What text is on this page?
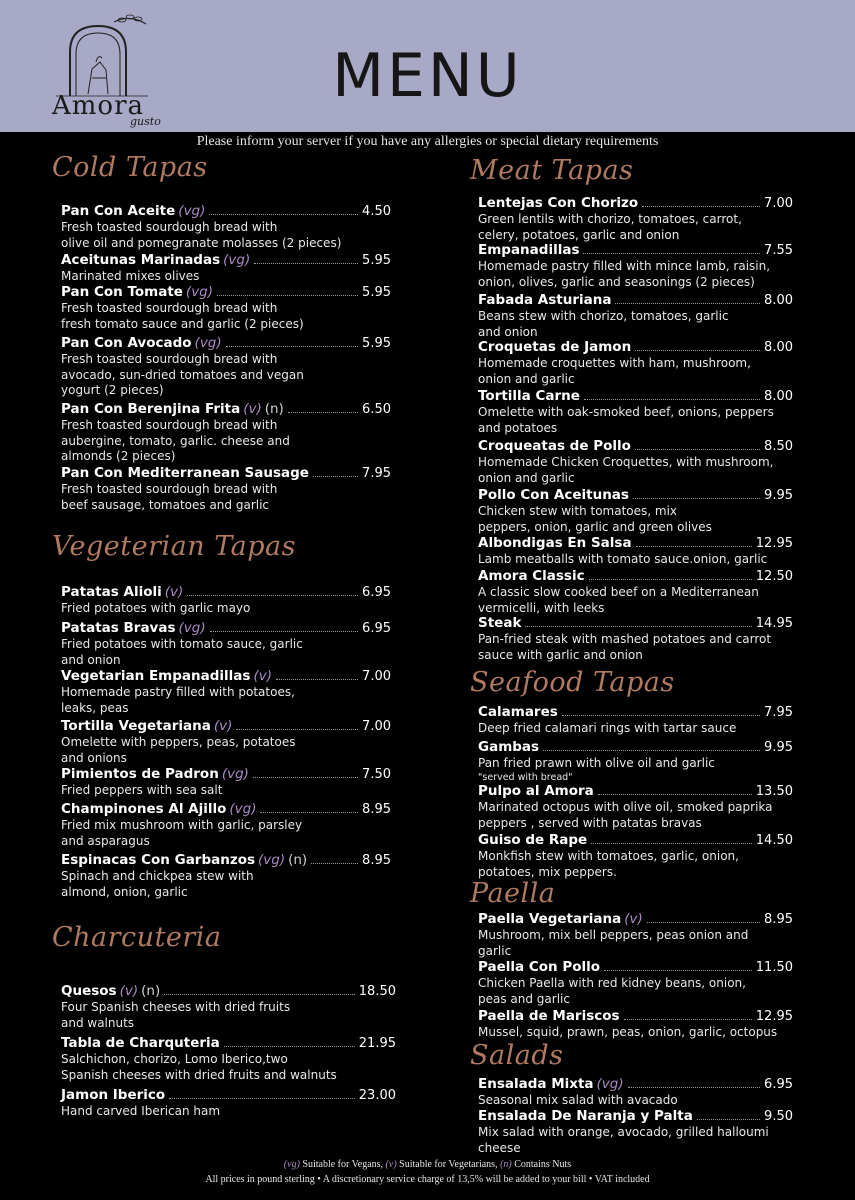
Amora
gusto
MENU
Please inform your server if you have any allergies or special dietary requirements
Cold Tapas
Vegeterian Tapas
Charcuteria
Meat Tapas
Seafood Tapas
Paella
Salads
Pan Con Aceite (vg)	4.50
Fresh toasted sourdough bread with
olive oil and pomegranate molasses (2 pieces)
Aceitunas Marinadas (vg)	5.95
Marinated mixes olives
Pan Con Tomate (vg)	5.95
Fresh toasted sourdough bread with
fresh tomato sauce and garlic (2 pieces)
Pan Con Avocado (vg)	5.95
Fresh toasted sourdough bread with
avocado, sun-dried tomatoes and vegan
yogurt (2 pieces)
Pan Con Berenjina Frita (v) (n)	6.50
Fresh toasted sourdough bread with
aubergine, tomato, garlic. cheese and
almonds (2 pieces)
Pan Con Mediterranean Sausage	7.95
Fresh toasted sourdough bread with
beef sausage, tomatoes and garlic
Patatas Alioli (v)	6.95
Fried potatoes with garlic mayo
Patatas Bravas (vg)	6.95
Fried potatoes with tomato sauce, garlic
and onion
Vegetarian Empanadillas (v)	7.00
Homemade pastry filled with potatoes,
leaks, peas
Tortilla Vegetariana (v)	7.00
Omelette with peppers, peas, potatoes
and onions
Pimientos de Padron (vg)	7.50
Fried peppers with sea salt
Champinones Al Ajillo (vg)	8.95
Fried mix mushroom with garlic, parsley
and asparagus
Espinacas Con Garbanzos (vg) (n)	8.95
Spinach and chickpea stew with
almond, onion, garlic
Quesos (v) (n)	18.50
Four Spanish cheeses with dried fruits
and walnuts
Tabla de Charquteria	21.95
Salchichon, chorizo, Lomo Iberico,two
Spanish cheeses with dried fruits and walnuts
Jamon Iberico	23.00
Hand carved Iberican ham
Lentejas Con Chorizo	7.00
Green lentils with chorizo, tomatoes, carrot,
celery, potatoes, garlic and onion
Empanadillas	7.55
Homemade pastry filled with mince lamb, raisin,
onion, olives, garlic and seasonings (2 pieces)
Fabada Asturiana	8.00
Beans stew with chorizo, tomatoes, garlic
and onion
Croquetas de Jamon	8.00
Homemade croquettes with ham, mushroom,
onion and garlic
Tortilla Carne	8.00
Omelette with oak-smoked beef, onions, peppers
and potatoes
Croqueatas de Pollo	8.50
Homemade Chicken Croquettes, with mushroom,
onion and garlic
Pollo Con Aceitunas	9.95
Chicken stew with tomatoes, mix
peppers, onion, garlic and green olives
Albondigas En Salsa	12.95
Lamb meatballs with tomato sauce.onion, garlic
Amora Classic	12.50
A classic slow cooked beef on a Mediterranean
vermicelli, with leeks
Steak	14.95
Pan-fried steak with mashed potatoes and carrot
sauce with garlic and onion
Calamares	7.95
Deep fried calamari rings with tartar sauce
Gambas	9.95
Pan fried prawn with olive oil and garlic
"served with bread"
Pulpo al Amora	13.50
Marinated octopus with olive oil, smoked paprika
peppers , served with patatas bravas
Guiso de Rape	14.50
Monkfish stew with tomatoes, garlic, onion,
potatoes, mix peppers.
Paella Vegetariana (v)	8.95
Mushroom, mix bell peppers, peas onion and
garlic
Paella Con Pollo	11.50
Chicken Paella with red kidney beans, onion,
peas and garlic
Paella de Mariscos	12.95
Mussel, squid, prawn, peas, onion, garlic, octopus
Ensalada Mixta (vg)	6.95
Seasonal mix salad with avacado
Ensalada De Naranja y Palta	9.50
Mix salad with orange, avocado, grilled halloumi
cheese
(vg) Suitable for Vegans, (v) Suitable for Vegetarians, (n) Contains Nuts
All prices in pound sterling • A discretionary service charge of 13,5% will be added to your bill • VAT included
